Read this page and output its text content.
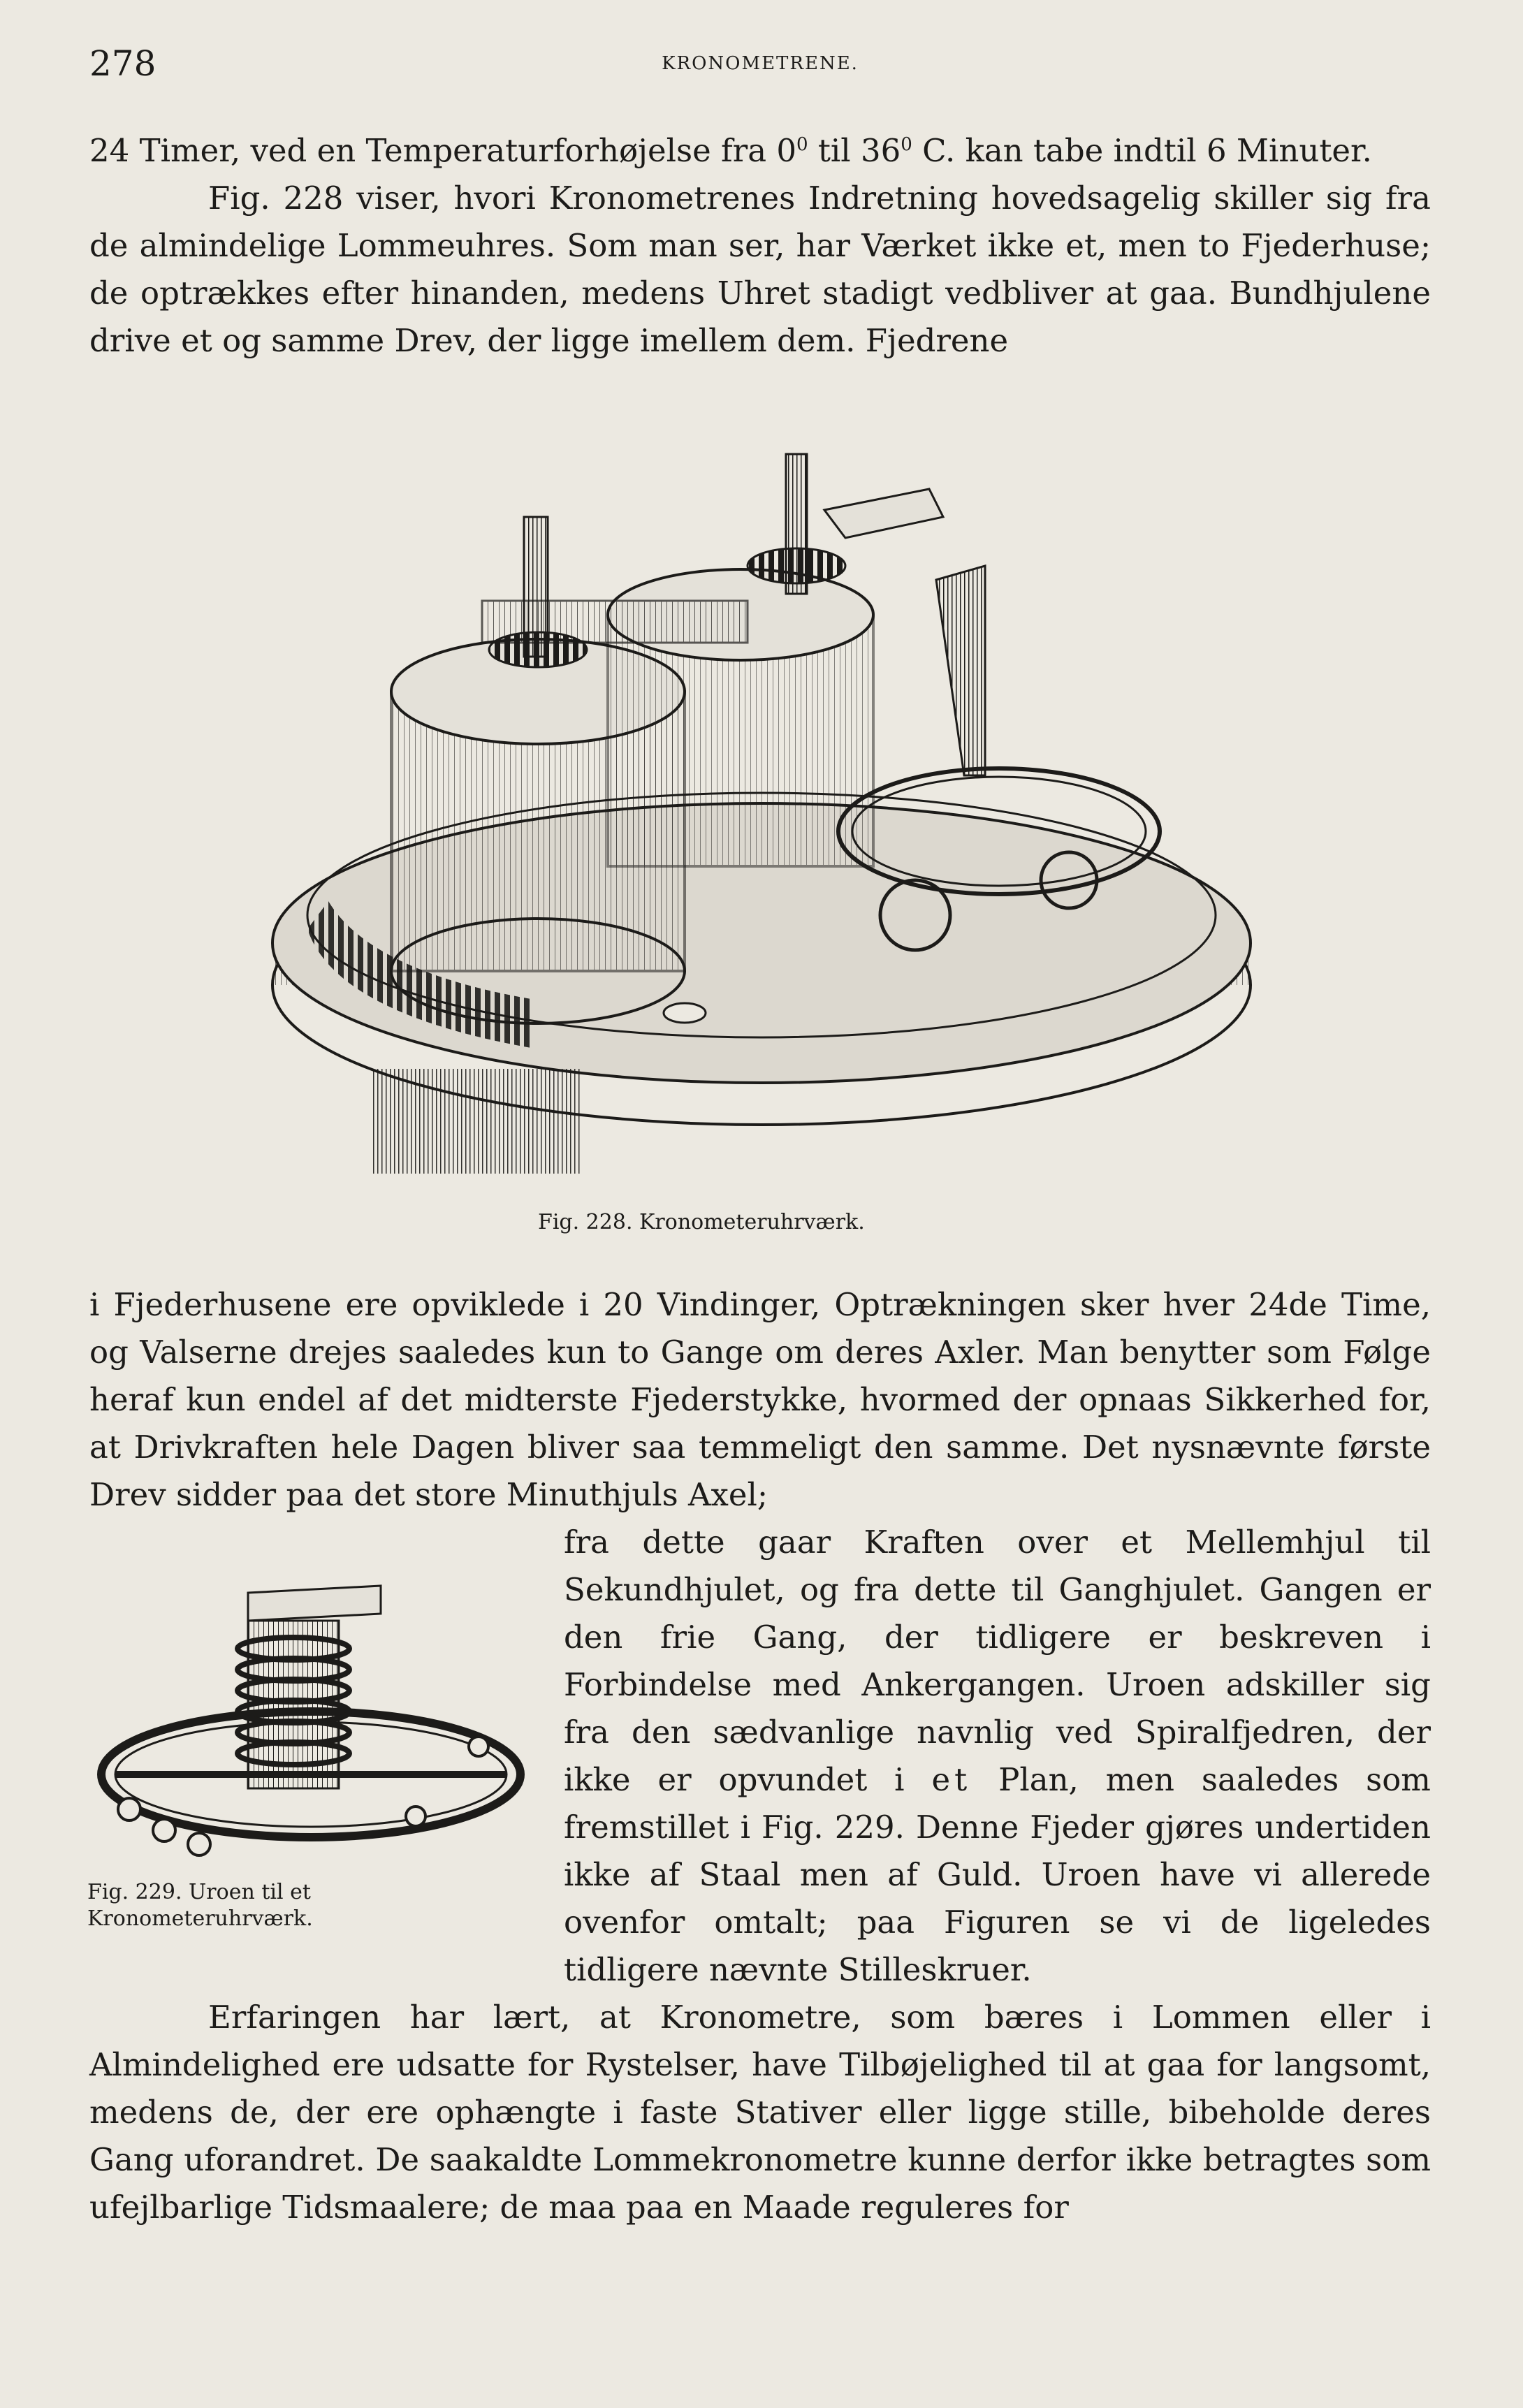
278	KRONOMETRENE.

24 Timer, ved en Temperaturforhøjelse fra $0^0$ til $36^0$ C. kan tabe indtil 6 Minuter.

Fig. 228 viser, hvori Kronometrenes Indretning hovedsagelig skiller sig fra de almindelige Lommeuhres. Som man ser, har Værket ikke et, men to Fjederhuse; de optrækkes efter hinanden, medens Uhret stadigt vedbliver at gaa. Bundhjulene drive et og samme Drev, der ligge imellem dem. Fjedrene

Fig. 228. Kronometeruhrværk.

i Fjederhusene ere opviklede i 20 Vindinger, Optrækningen sker hver 24de Time, og Valserne drejes saaledes kun to Gange om deres Axler. Man benytter som Følge heraf kun endel af det midterste Fjederstykke, hvormed der opnaas Sikkerhed for, at Drivkraften hele Dagen bliver saa temmeligt den samme. Det nysnævnte første Drev sidder paa det store Minuthjuls Axel;

fra dette gaar Kraften over et Mellemhjul til Sekundhjulet, og fra dette til Ganghjulet. Gangen er den frie Gang, der tidligere er beskreven i Forbindelse med Ankergangen. Uroen adskiller sig fra den sædvanlige navnlig ved Spiralfjedren, der ikke er opvundet i et Plan, men saaledes som fremstillet i Fig. 229. Denne Fjeder gjøres undertiden ikke af Staal men af Guld. Uroen have vi allerede ovenfor omtalt; paa Figuren se vi de ligeledes tidligere nævnte Stilleskruer.

Fig. 229. Uroen til et Kronometeruhrværk.

Erfaringen har lært, at Kronometre, som bæres i Lommen eller i Almindelighed ere udsatte for Rystelser, have Tilbøjelighed til at gaa for langsomt, medens de, der ere ophængte i faste Stativer eller ligge stille, bibeholde deres Gang uforandret. De saakaldte Lommekronometre kunne derfor ikke betragtes som ufejlbarlige Tidsmaalere; de maa paa en Maade reguleres for
